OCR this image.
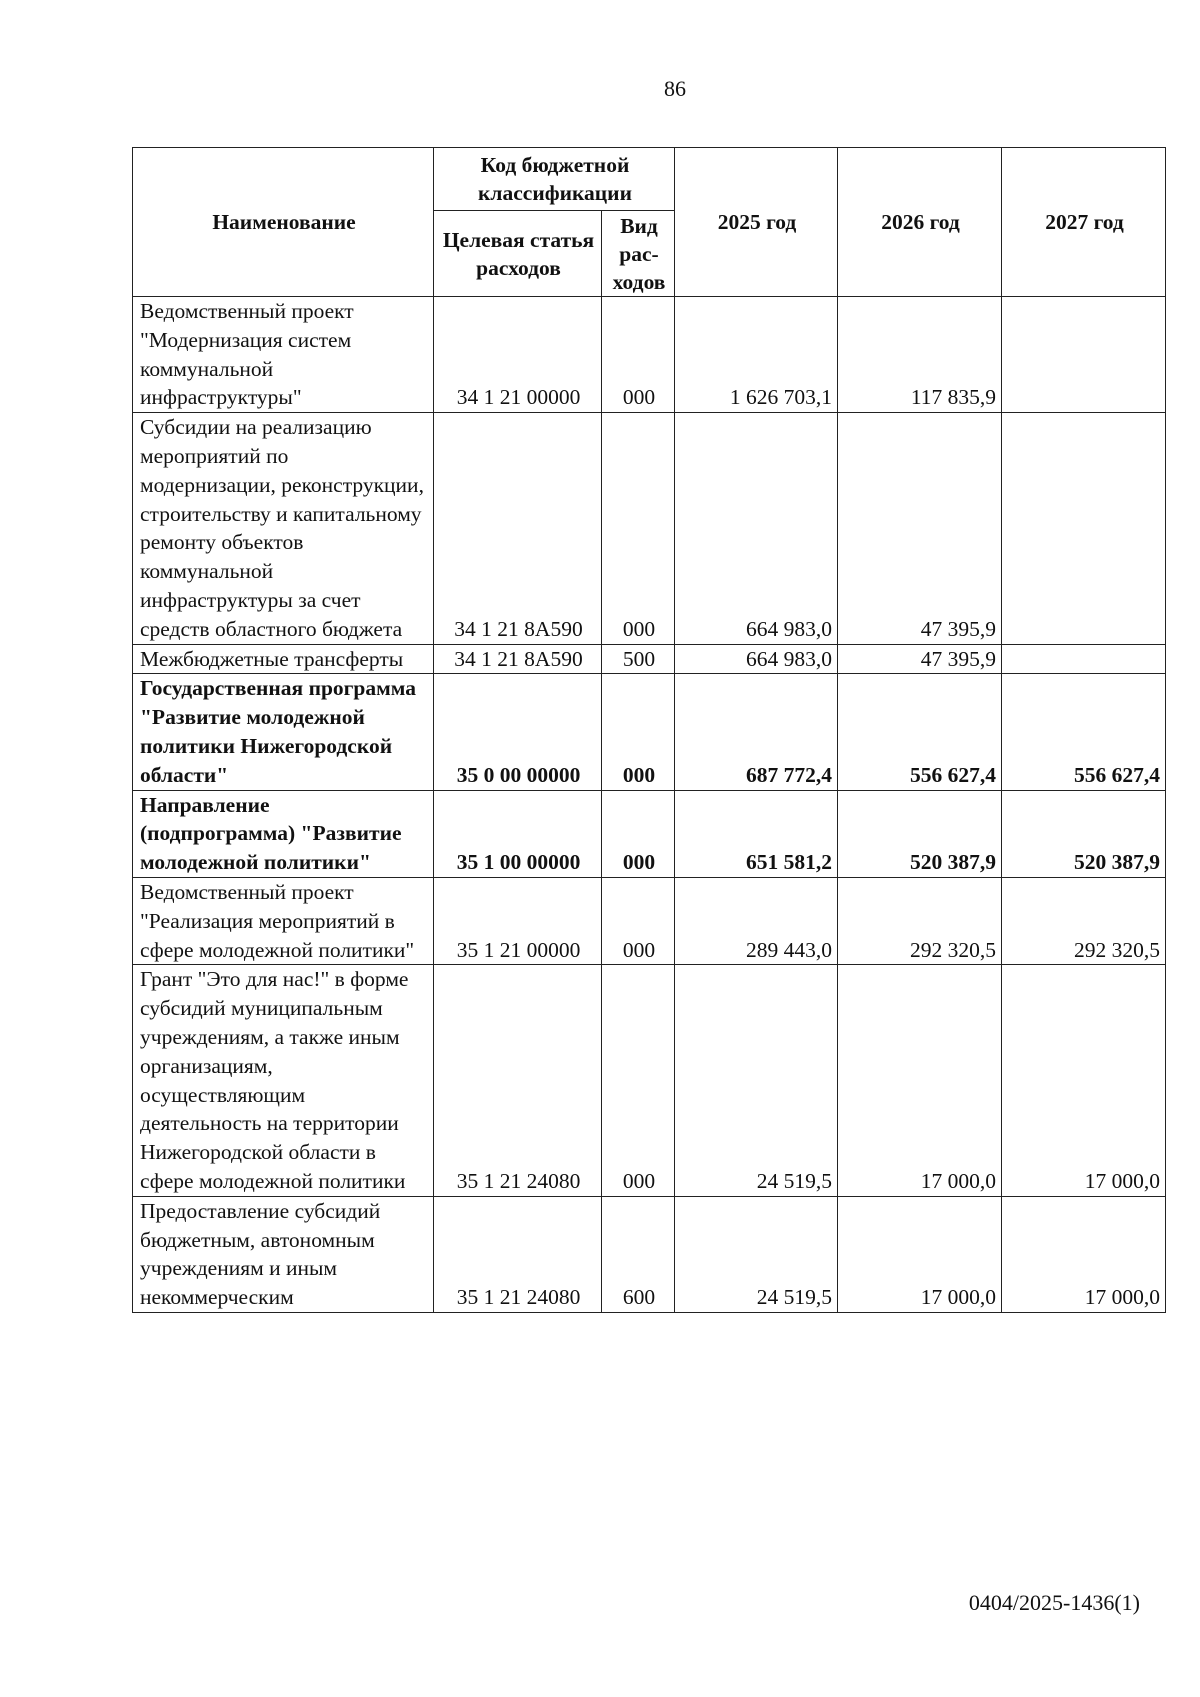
86
Наименование	Код бюджетной классификации		2025 год	2026 год	2027 год
	Целевая статья расходов	Вид рас-ходов			
Ведомственный проект "Модернизация систем коммунальной инфраструктуры"	34 1 21 00000	000	1 626 703,1	117 835,9	
Субсидии на реализацию мероприятий по модернизации, реконструкции, строительству и капитальному ремонту объектов коммунальной инфраструктуры за счет средств областного бюджета	34 1 21 8А590	000	664 983,0	47 395,9	
Межбюджетные трансферты	34 1 21 8А590	500	664 983,0	47 395,9	
Государственная программа "Развитие молодежной политики Нижегородской области"	35 0 00 00000	000	687 772,4	556 627,4	556 627,4
Направление (подпрограмма) "Развитие молодежной политики"	35 1 00 00000	000	651 581,2	520 387,9	520 387,9
Ведомственный проект "Реализация мероприятий в сфере молодежной политики"	35 1 21 00000	000	289 443,0	292 320,5	292 320,5
Грант "Это для нас!" в форме субсидий муниципальным учреждениям, а также иным организациям, осуществляющим деятельность на территории Нижегородской области в сфере молодежной политики	35 1 21 24080	000	24 519,5	17 000,0	17 000,0
Предоставление субсидий бюджетным, автономным учреждениям и иным некоммерческим	35 1 21 24080	600	24 519,5	17 000,0	17 000,0
0404/2025-1436(1)
